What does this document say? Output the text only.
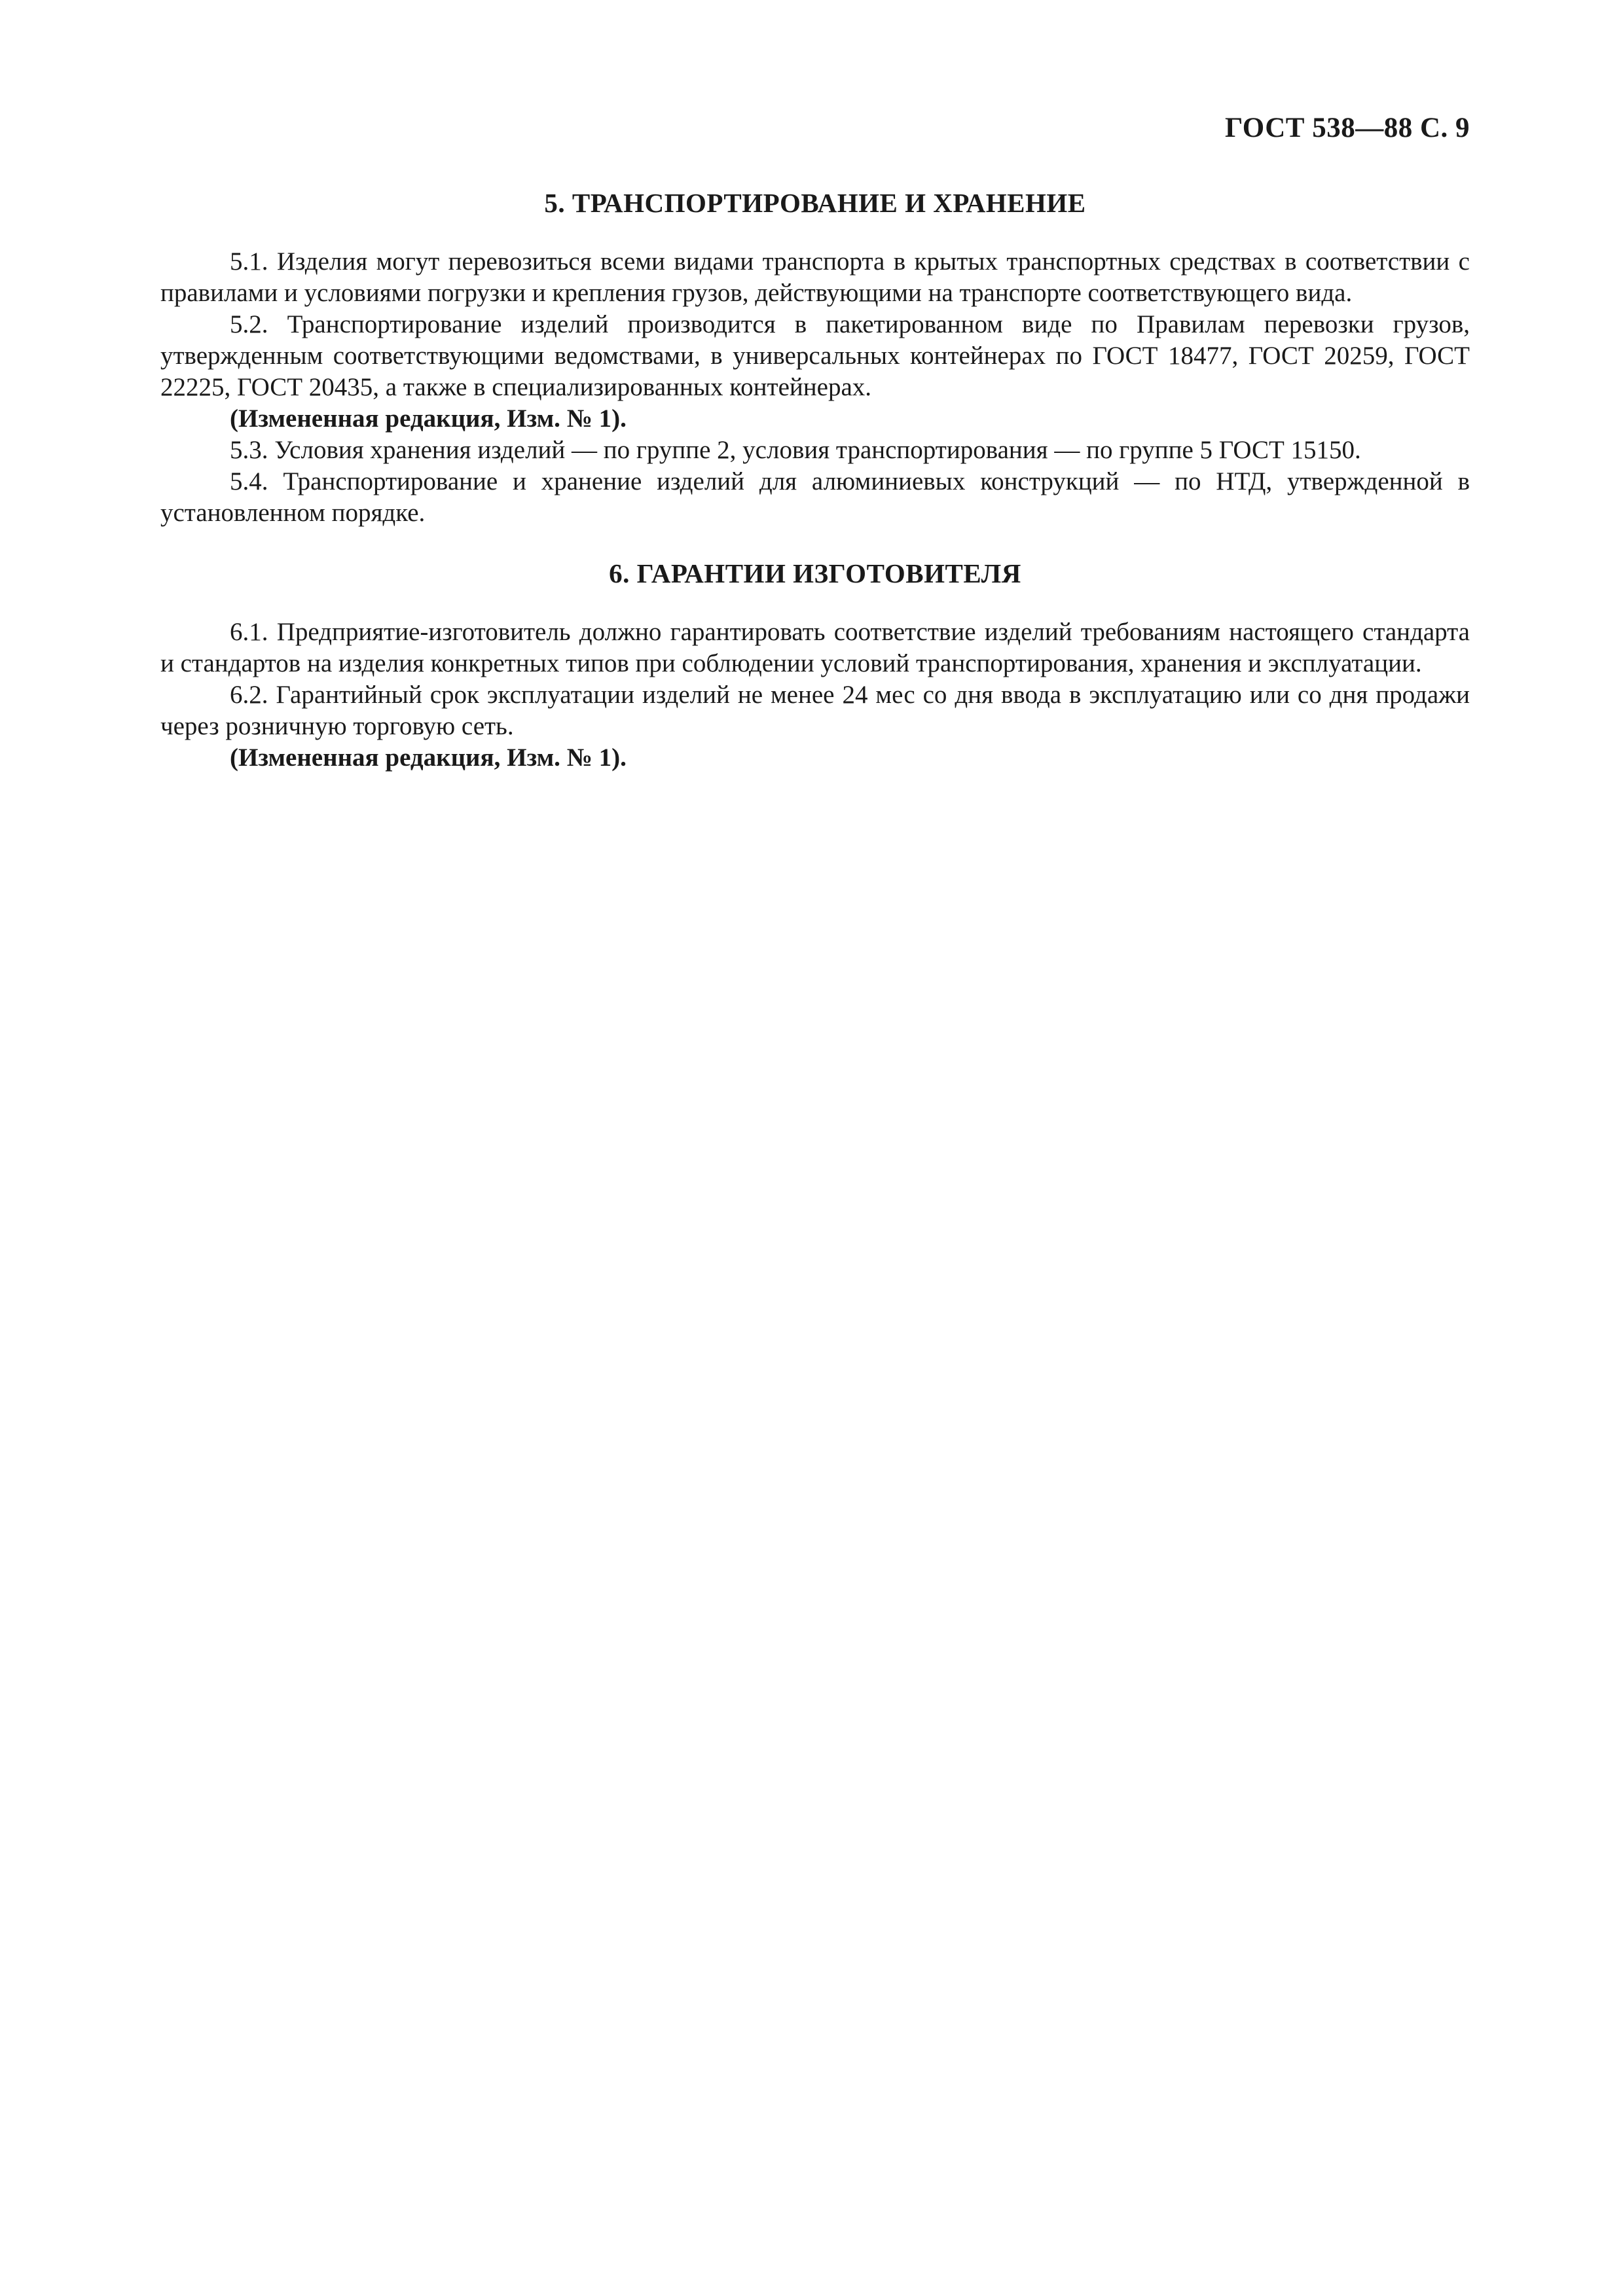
ГОСТ 538—88 С. 9

5. ТРАНСПОРТИРОВАНИЕ И ХРАНЕНИЕ

5.1. Изделия могут перевозиться всеми видами транспорта в крытых транспортных средствах в соответствии с правилами и условиями погрузки и крепления грузов, действующими на транспорте соответствующего вида.

5.2. Транспортирование изделий производится в пакетированном виде по Правилам перевозки грузов, утвержденным соответствующими ведомствами, в универсальных контейнерах по ГОСТ 18477, ГОСТ 20259, ГОСТ 22225, ГОСТ 20435, а также в специализированных контейнерах.

(Измененная редакция, Изм. № 1).

5.3. Условия хранения изделий — по группе 2, условия транспортирования — по группе 5 ГОСТ 15150.

5.4. Транспортирование и хранение изделий для алюминиевых конструкций — по НТД, утвержденной в установленном порядке.

6. ГАРАНТИИ ИЗГОТОВИТЕЛЯ

6.1. Предприятие-изготовитель должно гарантировать соответствие изделий требованиям настоящего стандарта и стандартов на изделия конкретных типов при соблюдении условий транспортирования, хранения и эксплуатации.

6.2. Гарантийный срок эксплуатации изделий не менее 24 мес со дня ввода в эксплуатацию или со дня продажи через розничную торговую сеть.

(Измененная редакция, Изм. № 1).
